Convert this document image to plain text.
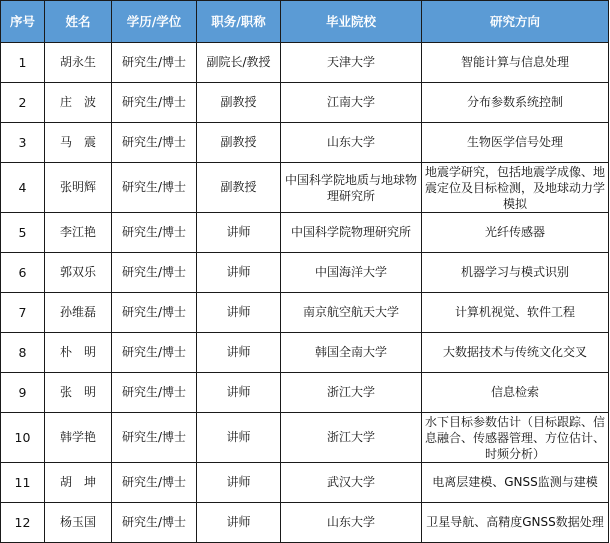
序号	姓名	学历/学位	职务/职称	毕业院校	研究方向
1	胡永生	研究生/博士	副院长/教授	天津大学	智能计算与信息处理
2	庄　波	研究生/博士	副教授	江南大学	分布参数系统控制
3	马　震	研究生/博士	副教授	山东大学	生物医学信号处理
4	张明辉	研究生/博士	副教授	中国科学院地质与地球物理研究所	地震学研究，包括地震学成像、地震定位及目标检测，及地球动力学模拟
5	李江艳	研究生/博士	讲师	中国科学院物理研究所	光纤传感器
6	郭双乐	研究生/博士	讲师	中国海洋大学	机器学习与模式识别
7	孙维磊	研究生/博士	讲师	南京航空航天大学	计算机视觉、软件工程
8	朴　明	研究生/博士	讲师	韩国全南大学	大数据技术与传统文化交叉
9	张　明	研究生/博士	讲师	浙江大学	信息检索
10	韩学艳	研究生/博士	讲师	浙江大学	水下目标参数估计（目标跟踪、信息融合、传感器管理、方位估计、时频分析）
11	胡　坤	研究生/博士	讲师	武汉大学	电离层建模、GNSS监测与建模
12	杨玉国	研究生/博士	讲师	山东大学	卫星导航、高精度GNSS数据处理
